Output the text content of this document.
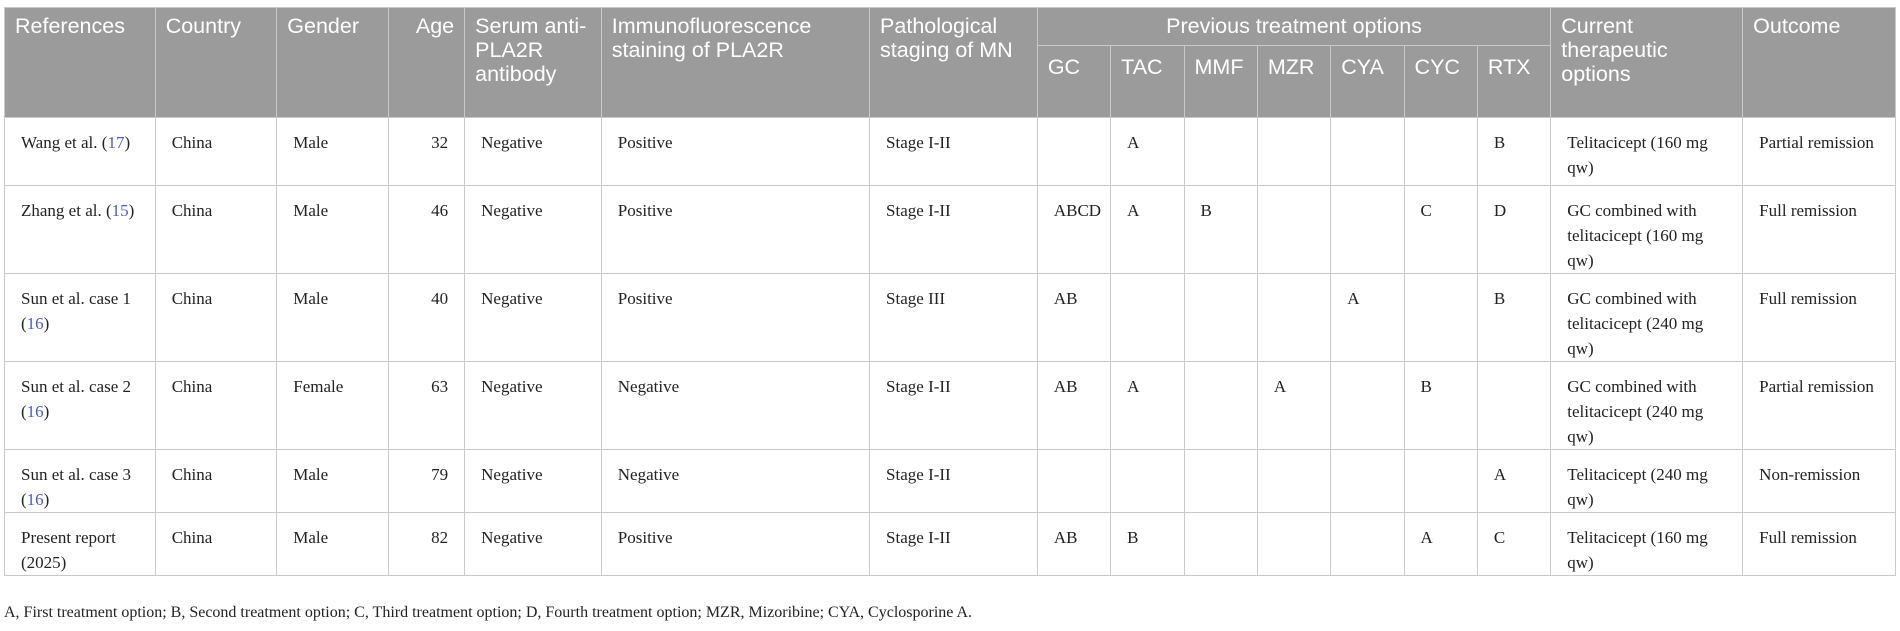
References	Country	Gender	Age	Serum anti-PLA2R antibody	Immunofluorescence staining of PLA2R	Pathological staging of MN	Previous treatment options							Current therapeutic options	Outcome
							GC	TAC	MMF	MZR	CYA	CYC	RTX		
Wang et al. (17)	China	Male	32	Negative	Positive	Stage I-II		A					B	Telitacicept (160 mg qw)	Partial remission
Zhang et al. (15)	China	Male	46	Negative	Positive	Stage I-II	ABCD	A	B			C	D	GC combined with telitacicept (160 mg qw)	Full remission
Sun et al. case 1 (16)	China	Male	40	Negative	Positive	Stage III	AB				A		B	GC combined with telitacicept (240 mg qw)	Full remission
Sun et al. case 2 (16)	China	Female	63	Negative	Negative	Stage I-II	AB	A		A		B		GC combined with telitacicept (240 mg qw)	Partial remission
Sun et al. case 3 (16)	China	Male	79	Negative	Negative	Stage I-II							A	Telitacicept (240 mg qw)	Non-remission
Present report (2025)	China	Male	82	Negative	Positive	Stage I-II	AB	B				A	C	Telitacicept (160 mg qw)	Full remission
A, First treatment option; B, Second treatment option; C, Third treatment option; D, Fourth treatment option; MZR, Mizoribine; CYA, Cyclosporine A.
